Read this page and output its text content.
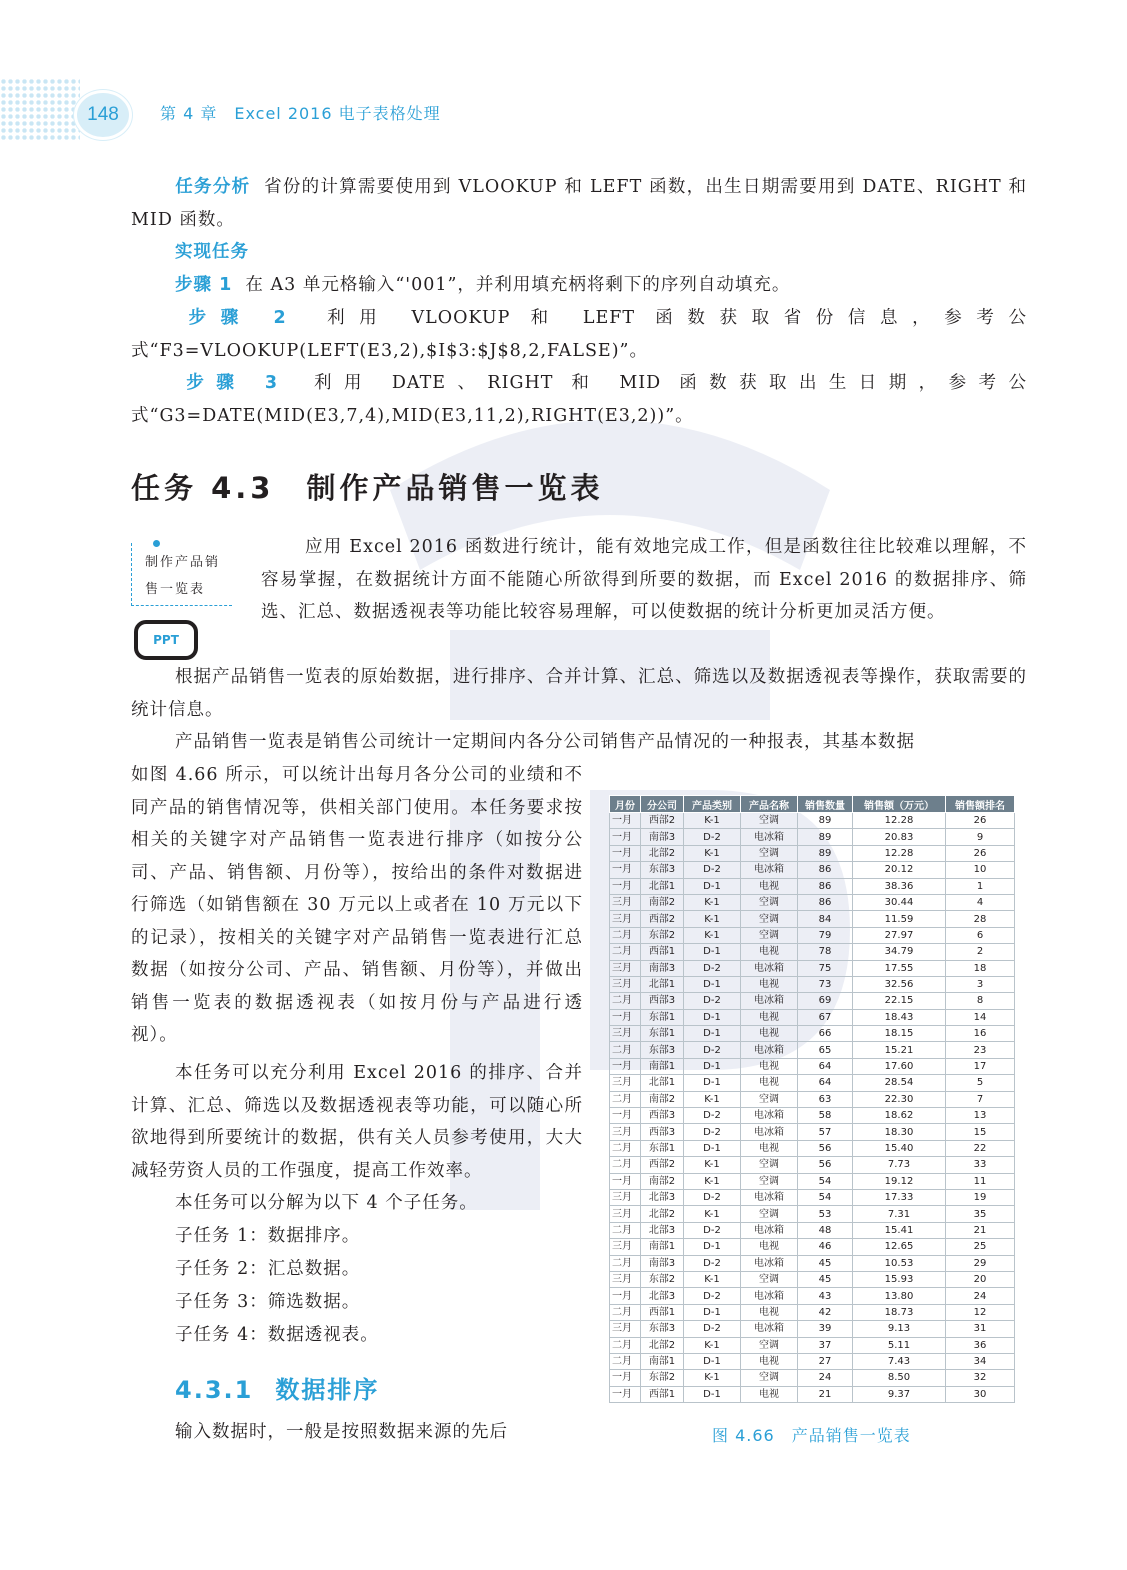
148	第 4 章　Excel 2016 电子表格处理
任务分析 省份的计算需要使用到 VLOOKUP 和 LEFT 函数，出生日期需要用到 DATE、RIGHT 和 MID 函数。
实现任务
步骤 1 在 A3 单元格输入“'001”，并利用填充柄将剩下的序列自动填充。
步骤 2 利用 VLOOKUP 和 LEFT 函数获取省份信息，参考公式“F3=VLOOKUP(LEFT(E3,2),$I$3:$J$8,2,FALSE)”。
步骤 3 利用 DATE、RIGHT 和 MID 函数获取出生日期，参考公式“G3=DATE(MID(E3,7,4),MID(E3,11,2),RIGHT(E3,2))”。
任务 4.3 制作产品销售一览表
制作产品销
售一览表
PPT
应用 Excel 2016 函数进行统计，能有效地完成工作，但是函数往往比较难以理解，不容易掌握，在数据统计方面不能随心所欲得到所要的数据，而 Excel 2016 的数据排序、筛选、汇总、数据透视表等功能比较容易理解，可以使数据的统计分析更加灵活方便。
根据产品销售一览表的原始数据，进行排序、合并计算、汇总、筛选以及数据透视表等操作，获取需要的统计信息。
产品销售一览表是销售公司统计一定期间内各分公司销售产品情况的一种报表，其基本数据
如图 4.66 所示，可以统计出每月各分公司的业绩和不同产品的销售情况等，供相关部门使用。本任务要求按相关的关键字对产品销售一览表进行排序（如按分公司、产品、销售额、月份等），按给出的条件对数据进行筛选（如销售额在 30 万元以上或者在 10 万元以下的记录），按相关的关键字对产品销售一览表进行汇总数据（如按分公司、产品、销售额、月份等），并做出销售一览表的数据透视表（如按月份与产品进行透视）。
本任务可以充分利用 Excel 2016 的排序、合并计算、汇总、筛选以及数据透视表等功能，可以随心所欲地得到所要统计的数据，供有关人员参考使用，大大减轻劳资人员的工作强度，提高工作效率。
本任务可以分解为以下 4 个子任务。
子任务 1：数据排序。
子任务 2：汇总数据。
子任务 3：筛选数据。
子任务 4：数据透视表。
4.3.1 数据排序
输入数据时，一般是按照数据来源的先后
月份	分公司	产品类别	产品名称	销售数量	销售额（万元）	销售额排名
一月	西部2	K-1	空调	89	12.28	26
一月	南部3	D-2	电冰箱	89	20.83	9
一月	北部2	K-1	空调	89	12.28	26
一月	东部3	D-2	电冰箱	86	20.12	10
一月	北部1	D-1	电视	86	38.36	1
三月	南部2	K-1	空调	86	30.44	4
三月	西部2	K-1	空调	84	11.59	28
二月	东部2	K-1	空调	79	27.97	6
二月	西部1	D-1	电视	78	34.79	2
三月	南部3	D-2	电冰箱	75	17.55	18
三月	北部1	D-1	电视	73	32.56	3
二月	西部3	D-2	电冰箱	69	22.15	8
一月	东部1	D-1	电视	67	18.43	14
三月	东部1	D-1	电视	66	18.15	16
二月	东部3	D-2	电冰箱	65	15.21	23
一月	南部1	D-1	电视	64	17.60	17
三月	北部1	D-1	电视	64	28.54	5
二月	南部2	K-1	空调	63	22.30	7
一月	西部3	D-2	电冰箱	58	18.62	13
三月	西部3	D-2	电冰箱	57	18.30	15
二月	东部1	D-1	电视	56	15.40	22
二月	西部2	K-1	空调	56	7.73	33
一月	南部2	K-1	空调	54	19.12	11
三月	北部3	D-2	电冰箱	54	17.33	19
三月	北部2	K-1	空调	53	7.31	35
二月	北部3	D-2	电冰箱	48	15.41	21
三月	南部1	D-1	电视	46	12.65	25
二月	南部3	D-2	电冰箱	45	10.53	29
三月	东部2	K-1	空调	45	15.93	20
一月	北部3	D-2	电冰箱	43	13.80	24
二月	西部1	D-1	电视	42	18.73	12
三月	东部3	D-2	电冰箱	39	9.13	31
二月	北部2	K-1	空调	37	5.11	36
二月	南部1	D-1	电视	27	7.43	34
一月	东部2	K-1	空调	24	8.50	32
一月	西部1	D-1	电视	21	9.37	30
图 4.66　产品销售一览表
